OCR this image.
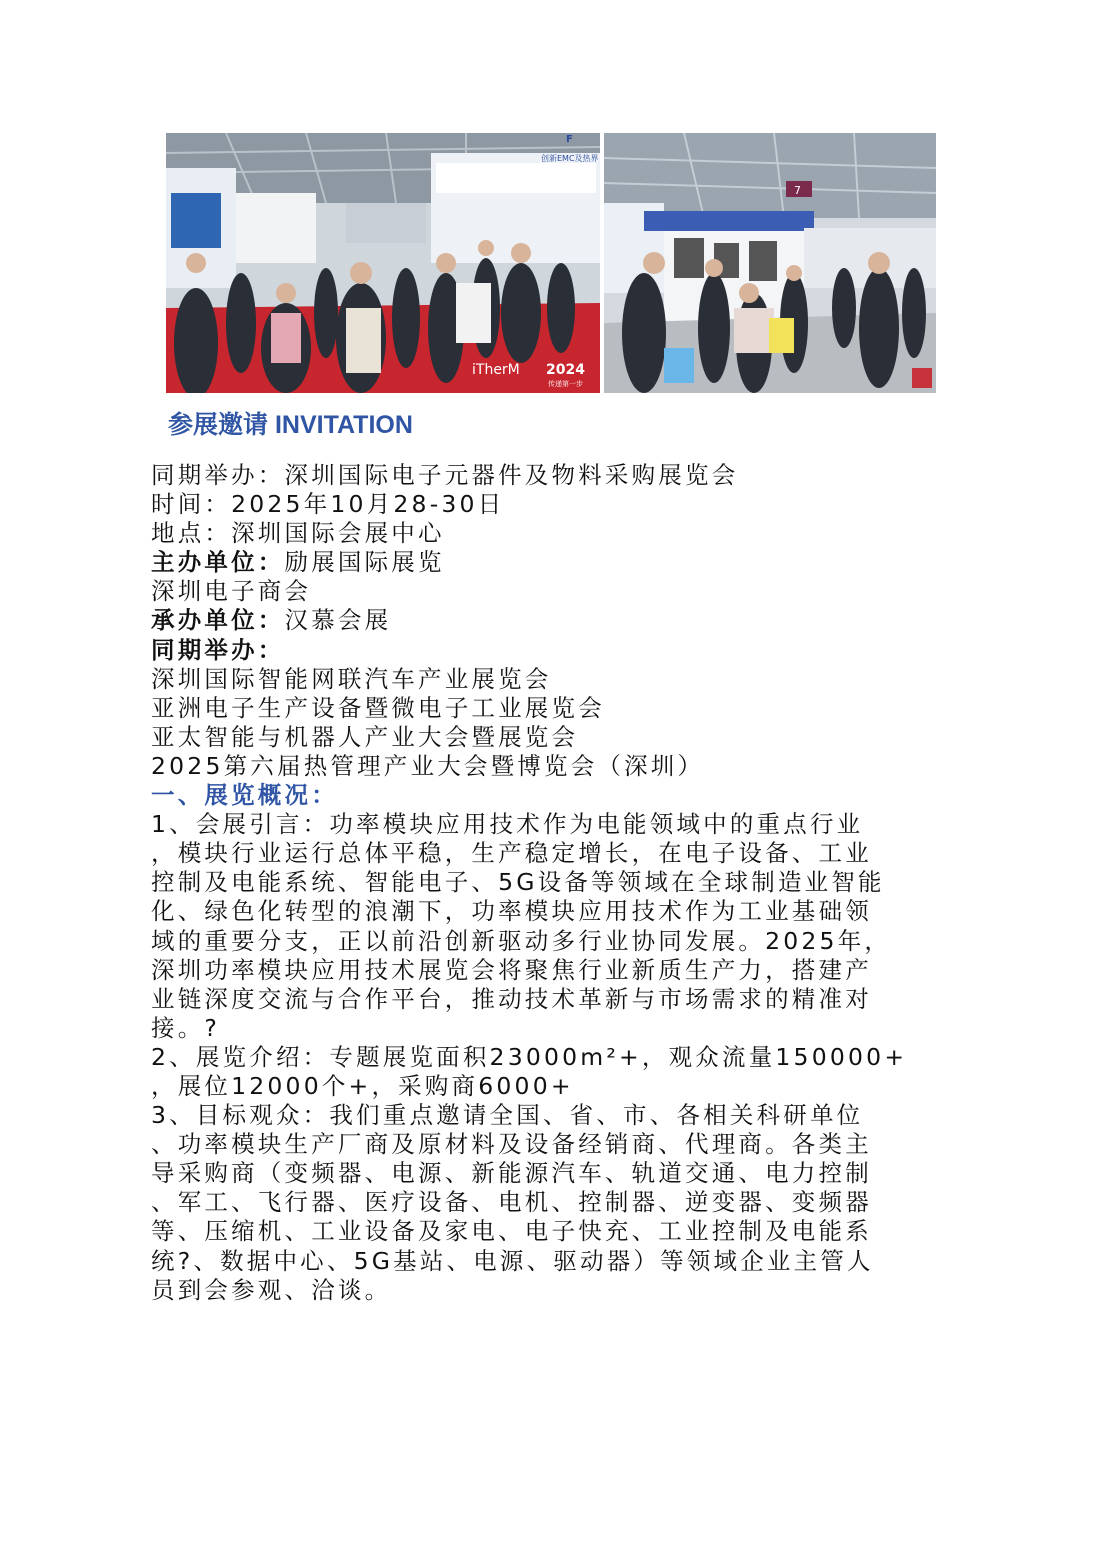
F
创新EMC及热界
iTherM 2024
传递第一步
7
参展邀请 INVITATION
同期举办：深圳国际电子元器件及物料采购展览会
时间：2025年10月28-30日
地点：深圳国际会展中心
主办单位：励展国际展览
深圳电子商会
承办单位：汉慕会展
同期举办：
深圳国际智能网联汽车产业展览会
亚洲电子生产设备暨微电子工业展览会
亚太智能与机器人产业大会暨展览会
2025第六届热管理产业大会暨博览会（深圳）
一、展览概况：
1、会展引言：功率模块应用技术作为电能领域中的重点行业
，模块行业运行总体平稳，生产稳定增长，在电子设备、工业
控制及电能系统、智能电子、5G设备等领域在全球制造业智能
化、绿色化转型的浪潮下，功率模块应用技术作为工业基础领
域的重要分支，正以前沿创新驱动多行业协同发展。2025年，
深圳功率模块应用技术展览会将聚焦行业新质生产力，搭建产
业链深度交流与合作平台，推动技术革新与市场需求的精准对
接。?
2、展览介绍：专题展览面积23000m²+，观众流量150000+
，展位12000个+，采购商6000+
3、目标观众：我们重点邀请全国、省、市、各相关科研单位
、功率模块生产厂商及原材料及设备经销商、代理商。各类主
导采购商（变频器、电源、新能源汽车、轨道交通、电力控制
、军工、飞行器、医疗设备、电机、控制器、逆变器、变频器
等、压缩机、工业设备及家电、电子快充、工业控制及电能系
统?、数据中心、5G基站、电源、驱动器）等领域企业主管人
员到会参观、洽谈。
